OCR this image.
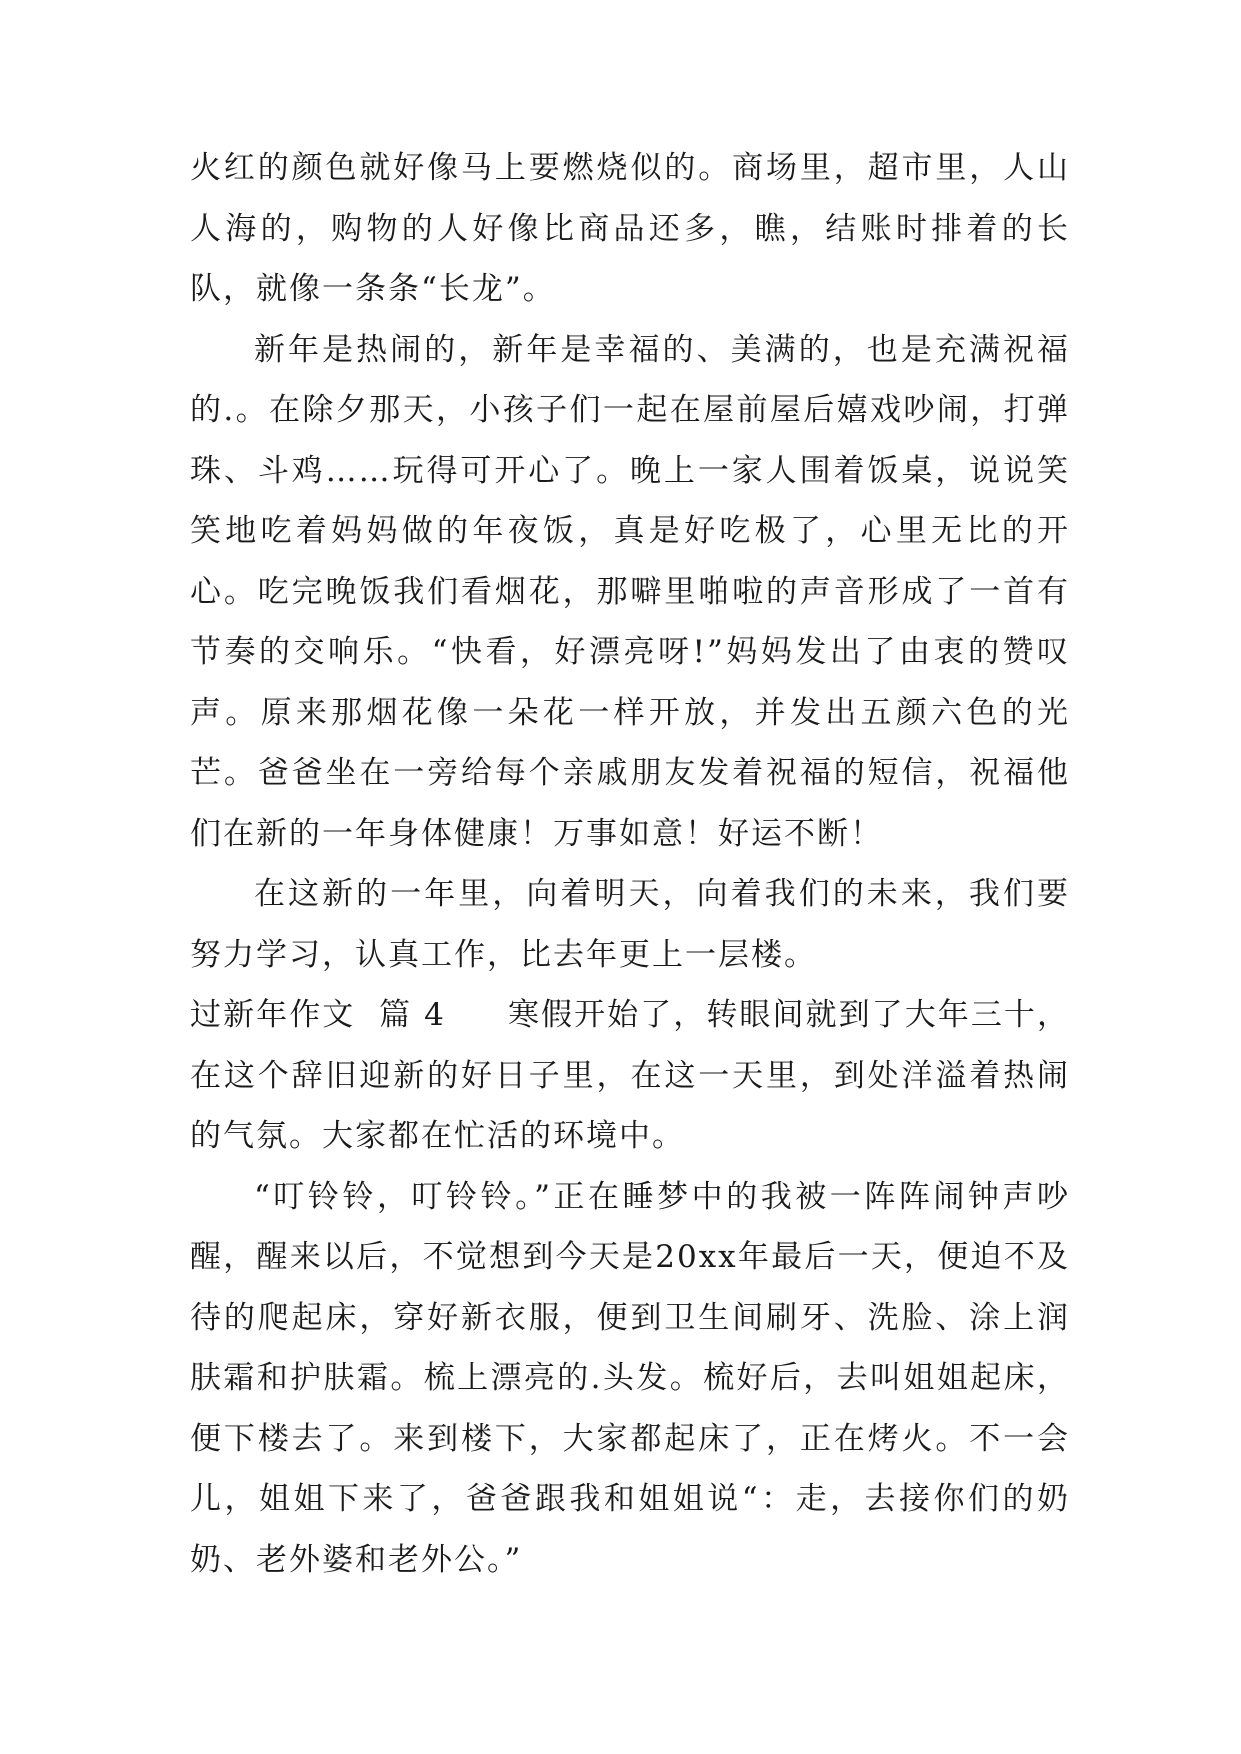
火红的颜色就好像马上要燃烧似的。商场里，超市里，人山人海的，购物的人好像比商品还多，瞧，结账时排着的长队，就像一条条“长龙”。

新年是热闹的，新年是幸福的、美满的，也是充满祝福的.。在除夕那天，小孩子们一起在屋前屋后嬉戏吵闹，打弹珠、斗鸡……玩得可开心了。晚上一家人围着饭桌，说说笑笑地吃着妈妈做的年夜饭，真是好吃极了，心里无比的开心。吃完晚饭我们看烟花，那噼里啪啦的声音形成了一首有节奏的交响乐。“快看，好漂亮呀!”妈妈发出了由衷的赞叹声。原来那烟花像一朵花一样开放，并发出五颜六色的光芒。爸爸坐在一旁给每个亲戚朋友发着祝福的短信，祝福他们在新的一年身体健康！万事如意！好运不断！

在这新的一年里，向着明天，向着我们的未来，我们要努力学习，认真工作，比去年更上一层楼。

过新年作文 篇 4 寒假开始了，转眼间就到了大年三十，在这个辞旧迎新的好日子里，在这一天里，到处洋溢着热闹的气氛。大家都在忙活的环境中。

“叮铃铃，叮铃铃。”正在睡梦中的我被一阵阵闹钟声吵醒，醒来以后，不觉想到今天是20xx年最后一天，便迫不及待的爬起床，穿好新衣服，便到卫生间刷牙、洗脸、涂上润肤霜和护肤霜。梳上漂亮的.头发。梳好后，去叫姐姐起床，便下楼去了。来到楼下，大家都起床了，正在烤火。不一会儿，姐姐下来了，爸爸跟我和姐姐说“：走，去接你们的奶奶、老外婆和老外公。”
